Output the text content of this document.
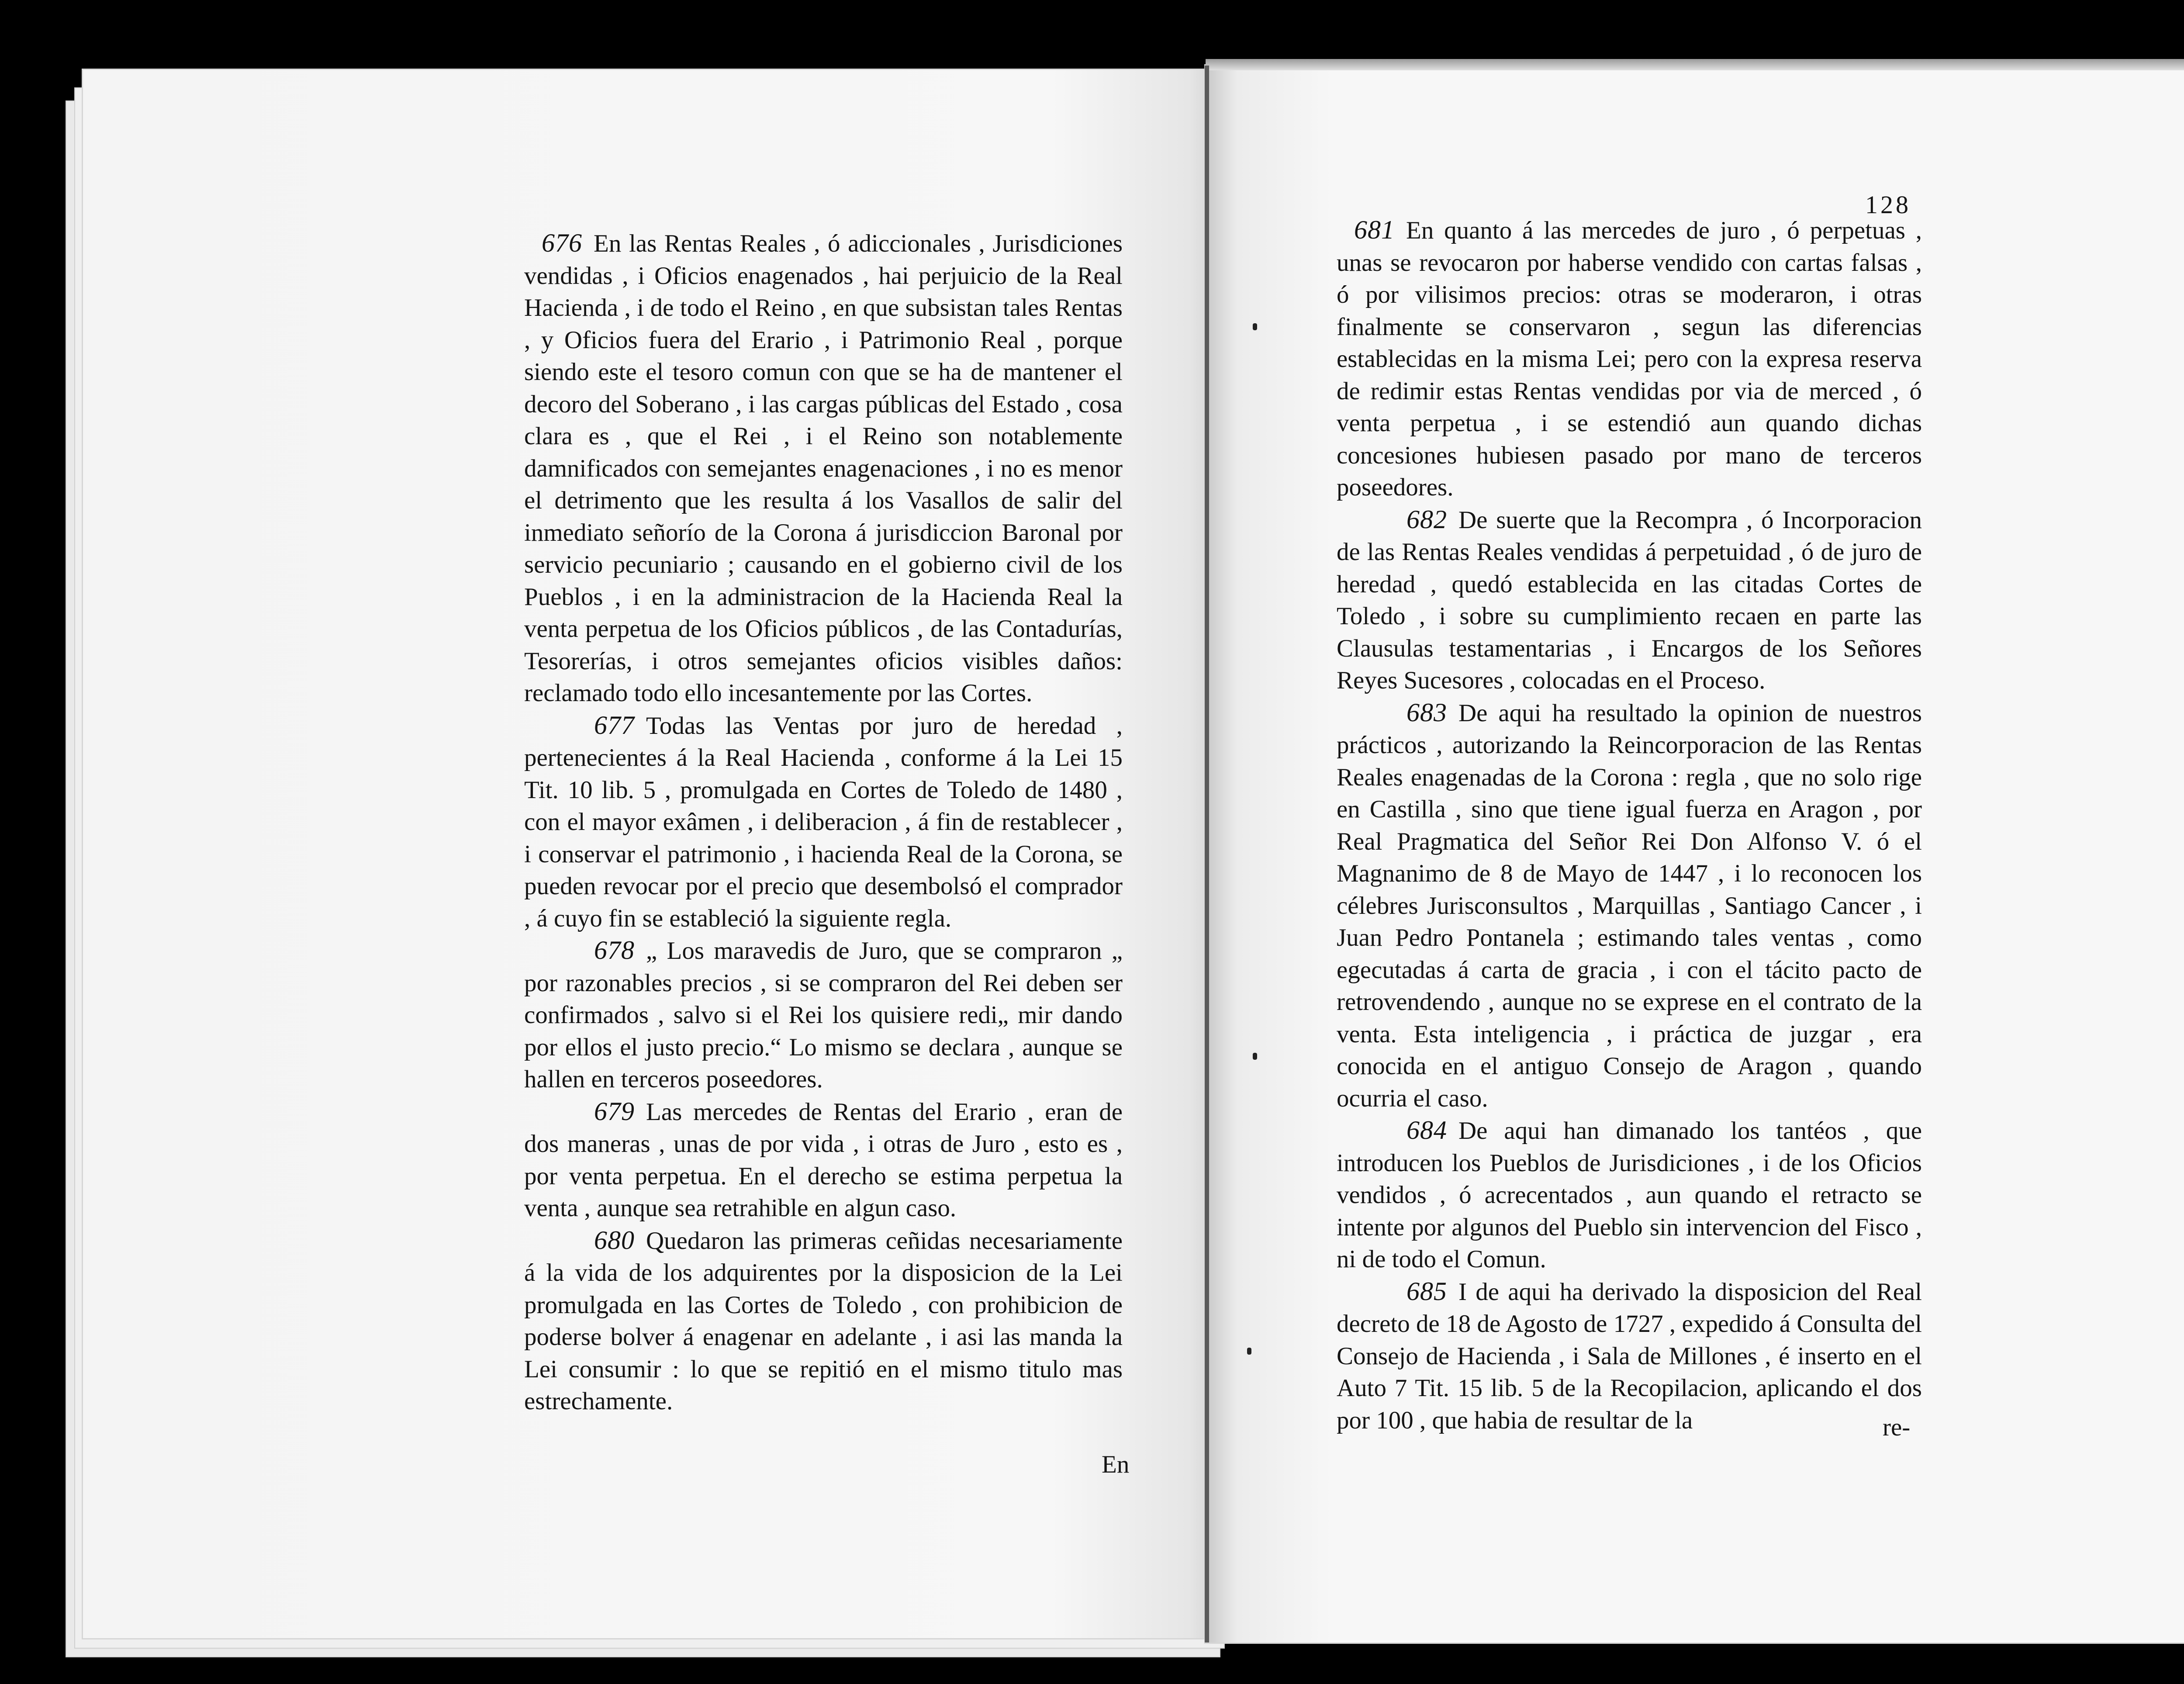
676 En las Rentas Reales , ó adiccionales , Jurisdiciones vendidas , i Oficios enagenados , hai perjuicio de la Real Hacienda , i de todo el Reino , en que subsistan tales Rentas , y Oficios fuera del Erario , i Patrimonio Real , porque siendo este el tesoro comun con que se ha de mantener el decoro del Soberano , i las cargas públicas del Estado , cosa clara es , que el Rei , i el Reino son notablemente damnificados con semejantes enagenaciones , i no es menor el detrimento que les resulta á los Vasallos de salir del inmediato señorío de la Corona á jurisdiccion Baronal por servicio pecuniario ; causando en el gobierno civil de los Pueblos , i en la administracion de la Hacienda Real la venta perpetua de los Oficios públicos , de las Contadurías, Tesorerías, i otros semejantes oficios visibles daños: reclamado todo ello incesantemente por las Cortes.

677 Todas las Ventas por juro de heredad , pertenecientes á la Real Hacienda , conforme á la Lei 15 Tit. 10 lib. 5 , promulgada en Cortes de Toledo de 1480 , con el mayor exâmen , i deliberacion , á fin de restablecer , i conservar el patrimonio , i hacienda Real de la Corona, se pueden revocar por el precio que desembolsó el comprador , á cuyo fin se estableció la siguiente regla.

678 „ Los maravedis de Juro, que se compraron „ por razonables precios , si se compraron del Rei deben ser confirmados , salvo si el Rei los quisiere redi„ mir dando por ellos el justo precio.“ Lo mismo se declara , aunque se hallen en terceros poseedores.

679 Las mercedes de Rentas del Erario , eran de dos maneras , unas de por vida , i otras de Juro , esto es , por venta perpetua. En el derecho se estima perpetua la venta , aunque sea retrahible en algun caso.

680 Quedaron las primeras ceñidas necesariamente á la vida de los adquirentes por la disposicion de la Lei promulgada en las Cortes de Toledo , con prohibicion de poderse bolver á enagenar en adelante , i asi las manda la Lei consumir : lo que se repitió en el mismo titulo mas estrechamente.

En
128

681 En quanto á las mercedes de juro , ó perpetuas , unas se revocaron por haberse vendido con cartas falsas , ó por vilisimos precios: otras se moderaron, i otras finalmente se conservaron , segun las diferencias establecidas en la misma Lei; pero con la expresa reserva de redimir estas Rentas vendidas por via de merced , ó venta perpetua , i se estendió aun quando dichas concesiones hubiesen pasado por mano de terceros poseedores.

682 De suerte que la Recompra , ó Incorporacion de las Rentas Reales vendidas á perpetuidad , ó de juro de heredad , quedó establecida en las citadas Cortes de Toledo , i sobre su cumplimiento recaen en parte las Clausulas testamentarias , i Encargos de los Señores Reyes Sucesores , colocadas en el Proceso.

683 De aqui ha resultado la opinion de nuestros prácticos , autorizando la Reincorporacion de las Rentas Reales enagenadas de la Corona : regla , que no solo rige en Castilla , sino que tiene igual fuerza en Aragon , por Real Pragmatica del Señor Rei Don Alfonso V. ó el Magnanimo de 8 de Mayo de 1447 , i lo reconocen los célebres Jurisconsultos , Marquillas , Santiago Cancer , i Juan Pedro Pontanela ; estimando tales ventas , como egecutadas á carta de gracia , i con el tácito pacto de retrovendendo , aunque no se exprese en el contrato de la venta. Esta inteligencia , i práctica de juzgar , era conocida en el antiguo Consejo de Aragon , quando ocurria el caso.

684 De aqui han dimanado los tantéos , que introducen los Pueblos de Jurisdiciones , i de los Oficios vendidos , ó acrecentados , aun quando el retracto se intente por algunos del Pueblo sin intervencion del Fisco , ni de todo el Comun.

685 I de aqui ha derivado la disposicion del Real decreto de 18 de Agosto de 1727 , expedido á Consulta del Consejo de Hacienda , i Sala de Millones , é inserto en el Auto 7 Tit. 15 lib. 5 de la Recopilacion, aplicando el dos por 100 , que habia de resultar de la	re-
